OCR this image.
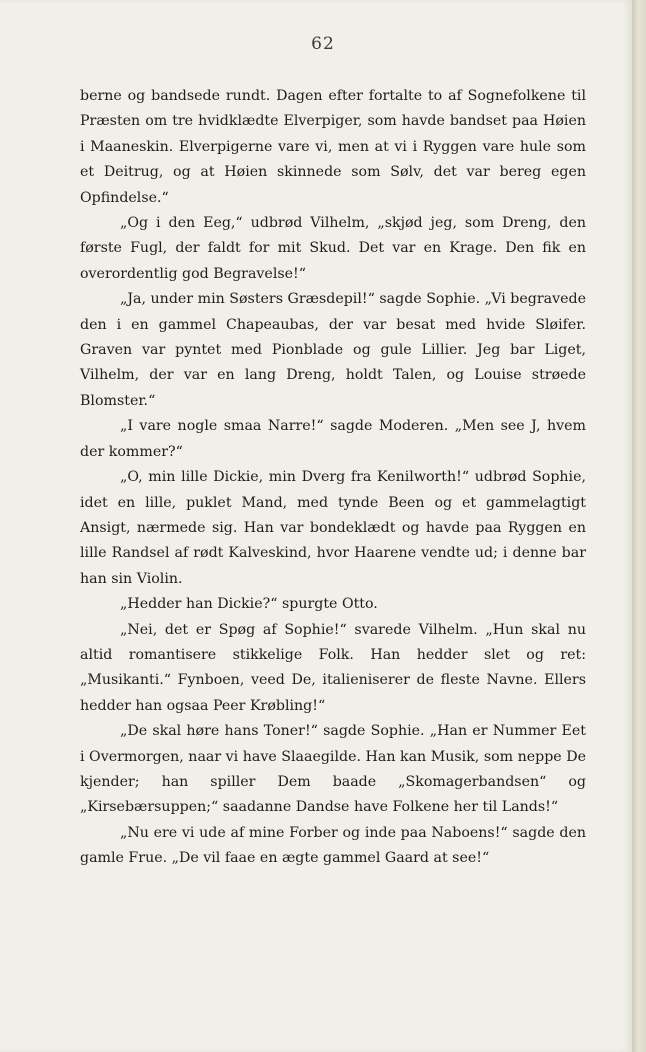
62

berne og bandsede rundt. Dagen efter fortalte to af Sognefolkene til Præsten om tre hvidklædte Elverpiger, som havde bandset paa Høien i Maaneskin. Elverpigerne vare vi, men at vi i Ryggen vare hule som et Deitrug, og at Høien skinnede som Sølv, det var bereg egen Opfindelse.“

„Og i den Eeg,“ udbrød Vilhelm, „skjød jeg, som Dreng, den første Fugl, der faldt for mit Skud. Det var en Krage. Den fik en overordentlig god Begravelse!“

„Ja, under min Søsters Græsdepil!“ sagde Sophie. „Vi begravede den i en gammel Chapeaubas, der var besat med hvide Sløifer. Graven var pyntet med Pionblade og gule Lillier. Jeg bar Liget, Vilhelm, der var en lang Dreng, holdt Talen, og Louise strøede Blomster.“

„I vare nogle smaa Narre!“ sagde Moderen. „Men see J, hvem der kommer?“

„O, min lille Dickie, min Dverg fra Kenilworth!“ udbrød Sophie, idet en lille, puklet Mand, med tynde Been og et gammelagtigt Ansigt, nærmede sig. Han var bondeklædt og havde paa Ryggen en lille Randsel af rødt Kalveskind, hvor Haarene vendte ud; i denne bar han sin Violin.

„Hedder han Dickie?“ spurgte Otto.

„Nei, det er Spøg af Sophie!“ svarede Vilhelm. „Hun skal nu altid romantisere stikkelige Folk. Han hedder slet og ret: „Musikanti.“ Fynboen, veed De, italieniserer de fleste Navne. Ellers hedder han ogsaa Peer Krøbling!“

„De skal høre hans Toner!“ sagde Sophie. „Han er Nummer Eet i Overmorgen, naar vi have Slaaegilde. Han kan Musik, som neppe De kjender; han spiller Dem baade „Skomagerbandsen“ og „Kirsebærsuppen;“ saadanne Dandse have Folkene her til Lands!“

„Nu ere vi ude af mine Forber og inde paa Naboens!“ sagde den gamle Frue. „De vil faae en ægte gammel Gaard at see!“
